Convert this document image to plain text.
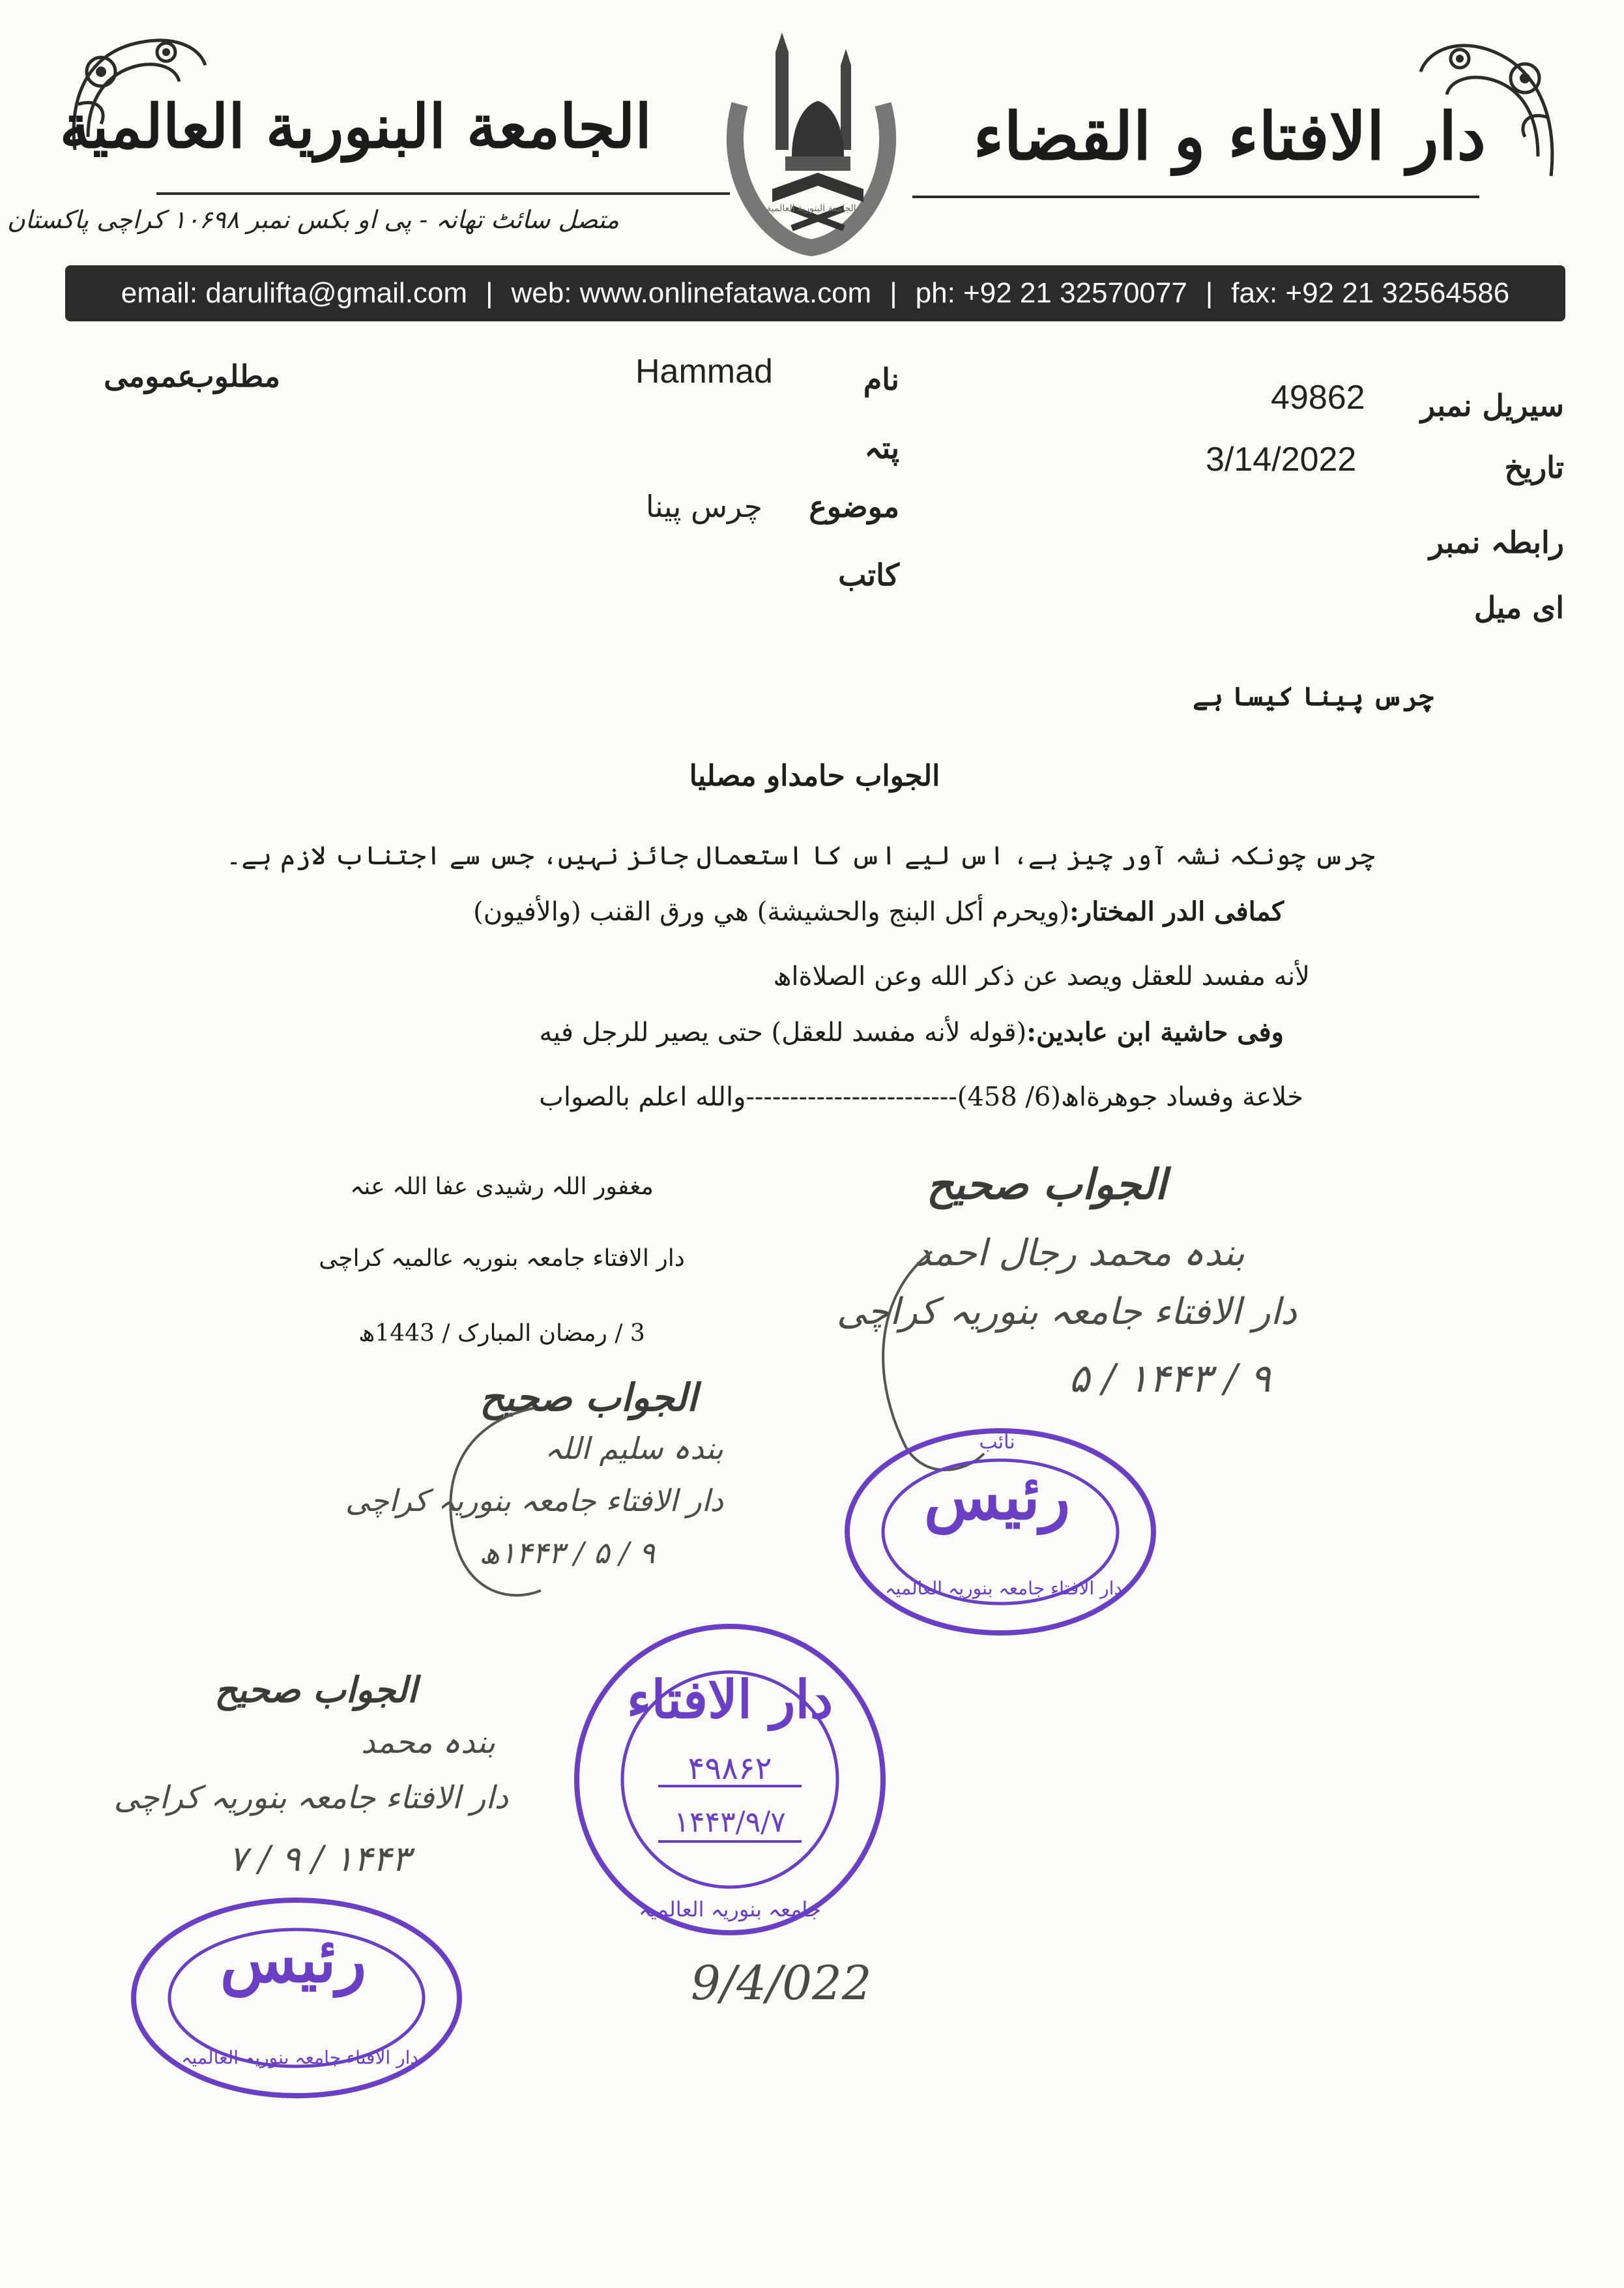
الجامعة البنوریة العالمیة
متصل سائٹ تھانہ - پی او بکس نمبر ۱۰۶۹۸ کراچی پاکستان
دار الافتاء و القضاء
الجامعة البنوریة العالمیة
email: darulifta@gmail.com | web: www.onlinefatawa.com | ph: +92 21 32570077 | fax: +92 21 32564586
سیریل نمبر
49862
تاریخ
3/14/2022
رابطہ نمبر
ای میل
نام
Hammad
پتہ
موضوع
چرس پینا
کاتب
مطلوب
عمومی
چرس پینا کیسا ہے
الجواب حامداو مصلیا
چرس چونکہ نشہ آور چیز ہے، اس لیے اس کا استعمال جائز نہیں، جس سے اجتناب لازم ہے۔
کمافی الدر المختار:(ویحرم أكل البنج والحشيشة) هي ورق القنب (والأفيون)
لأنه مفسد للعقل ويصد عن ذكر الله وعن الصلاةاھ
وفی حاشیة ابن عابدین:(قوله لأنه مفسد للعقل) حتى يصير للرجل فيه
خلاعة وفساد جوهرةاھ(6/ 458)------------------------والله اعلم بالصواب
مغفور اللہ رشیدی عفا اللہ عنہ
دار الافتاء جامعہ بنوریہ عالمیہ کراچی
3 / رمضان المبارک / 1443ھ
الجواب صحیح
بندہ محمد رجال احمد
دار الافتاء جامعہ بنوریہ کراچی
۹ / ۱۴۴۳ / ۵
الجواب صحیح
بندہ سلیم اللہ
دار الافتاء جامعہ بنوریہ کراچی
۹ / ۵ / ۱۴۴۳ھ
الجواب صحیح
بندہ محمد
دار الافتاء جامعہ بنوریہ کراچی
۱۴۴۳ / ۹ / ۷
نائب
رئیس
دار الافتاء جامعہ بنوریہ العالمیہ
دار الافتاء
۴۹۸۶۲
۱۴۴۳/۹/۷
جامعہ بنوریہ العالمیہ
9/4/022
رئیس
دار الافتاء جامعہ بنوریہ العالمیہ
